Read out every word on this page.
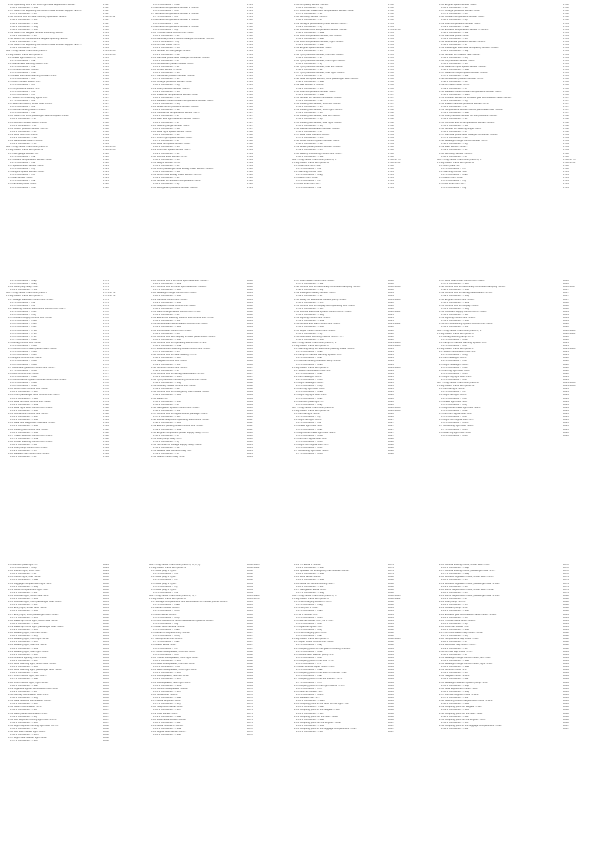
1.36 Operating unit 1 for front right seat adjustment -E434-	1711
1.36.1 Connector - T10e	1711
1.37 Switch for adjusting the driver's seat lumbar support -E176-	1711
1.37.1 Connector - T6u	1711
1.38 Control unit for seat memory operation -E464-	1711-1713
1.38.1 Connector - T10f	1711
1.38.2 Connector - T16b	1711
1.38.3 Connector - T10g	1712
1.38.4 Connector - T10h	1712
1.39 Switch for tailgate remote unlocking -E188-	1713
1.39.1 Connector - T3u	1713
1.40 Button for convenience tailgate opening -E233-	1714
1.40.1 Connector - T3v	1714
1.41 Switch for adjusting the driver's seat lumbar support -E177-	1714
1.41.1 Connector - T6v	1714
802 - Plug views: Parts with prefix F	1715-1720
1 Plug views: Parts with prefix F	1715-1720
1.1 Brake light switch -F, -F47-	1715
1.1.1 Connector - T4a	1715
1.2 Handbrake warning switch -F9-	1715
1.2.1 Connector - T1a	1715
1.3 Oil level sensor -G266-	1716
1.3.1 Connector - T3w	1716
1.4 Brake fluid level warning contact -F34-	1716
1.4.1 Connector - T2b	1716
1.5 Door contact switch -F2-	1716
1.5.1 Connector - T2c	1716
1.6 Oil pressure switch -F1-	1716
1.6.1 Connector - T1b	1716
1.6.2 Connector - T1c	1717
1.7 Switch for reversing lights -F4-	1717
1.7.1 Connector - T2d	1717
1.8 Seat belt switch, driver side -F145-	1717
1.8.1 Connector - T2e	1717
1.9 Central locking switch -F220-	1717
1.9.1 Connector - T4b	1717
1.10 Switch for front passenger seat occupied -F390-	1718
1.10.1 Connector - T2f	1718
1.11 Bonnet contact switch -F266-	1718
1.11.1 Connector - T3x	1718
1.12 Clutch position sender -G476-	1718
1.12.1 Connector - T4c	1718
1.13 Door lock unit -F221-	1719
1.13.1 Connector - T8a	1719
1.14 Handbrake switch -F234-	1719
1.14.1 Connector - T5c	1719
803 - Plug views: Parts with prefix G	1720-1760
1 Plug views: Parts with prefix G	1720-1760
1.1 Fuel gauge sender -G-	1720
1.1.1 Connector - T5a	1720
1.2 Coolant temperature sender -G62-	1720
1.2.1 Connector - T4d	1720
1.3 Speedometer sender -G22-	1721
1.3.1 Connector - T3y	1721
1.4 Engine speed sender -G28-	1721
1.4.1 Connector - T3z	1721
1.5 Hall sender -G40-	1721
1.5.1 Connector - T3a	1721
1.6 Lambda probe -G39-	1722
1.6.1 Connector - T6w	1722
1.6.1 Connector - T10e	1731
1.6 Exhaust temperature sender 1 -G235-	1731
1.6.1 Connector - T2m	1731
1.7 Exhaust temperature sender 2 -G448-	1731
1.7.1 Connector - T2n	1731
1.8 Exhaust temperature sender 3 -G495-	1732
1.8.1 Connector - T2o	1732
1.9 Exhaust temperature sender 4 -G648-	1732
1.9.1 Connector - T2p	1732
1.10 Throttle valve control unit -J338-	1732
1.10.1 Connector - T6x	1732
1.11 Lambda probe 1 before catalytic converter -GX10-	1733
1.11.1 Connector - T6y	1733
1.12 Air flow meter -G70-	1733
1.12.1 Connector - T5d	1733
1.13 Sender for fuel gauge -G169-	1733
1.13.1 Connector - T4e	1733
1.14 Lambda probe after catalytic converter -G130-	1734
1.14.1 Connector - T4f	1734
1.15 Accelerator pedal module -GX2-	1734
1.15.1 Connector - T6z	1734
1.16 Knock sensor 1 -G61-	1734
1.16.1 Connector - T3b	1734
1.17 Camshaft position sender -G163-	1735
1.17.1 Connector - T3c	1735
1.18 Charge pressure sender -G31-	1735
1.18.1 Connector - T4g	1735
1.19 Fuel pressure sender -G247-	1735
1.19.1 Connector - T3d	1735
1.20 Intake air temperature sender -G42-	1736
1.20.1 Connector - T4h	1736
1.21 Radiator outlet coolant temperature sender -G83-	1736
1.21.1 Connector - T2q	1736
1.22 Brake servo pressure sensor -G294-	1736
1.22.1 Connector - T3e	1736
1.23 Outside air temperature sensor -G17-	1737
1.23.1 Connector - T2r	1737
1.24 Rain and light detector sensor -G397-	1737
1.24.1 Connector - T3f	1737
1.25 Steering angle sender -G85-	1737
1.25.1 Connector - T6a	1737
1.26 Rear right speed sensor -G44-	1738
1.26.1 Connector - T2s	1738
1.27 Front right speed sensor -G45-	1738
1.27.1 Connector - T2t	1738
1.28 Rear left speed sensor -G46-	1738
1.28.1 Connector - T2u	1738
1.29 Front left speed sensor -G47-	1739
1.29.1 Connector - T2v	1739
1.30 Vehicle level sender -G76-	1739
1.30.1 Connector - T6b	1739
1.31 Height sender -G78-	1739
1.31.1 Connector - T6c	1739
1.32 Front passenger side airbag crash sensor -G180-	1740
1.32.1 Connector - T2w	1740
1.33 Driver side airbag crash sensor -G179-	1740
1.33.1 Connector - T2x	1740
1.34 Sender for ambient temperature -G14-	1740
1.34.1 Connector - T2y	1740
1.35 Refrigerant pressure sender -G805-	1741
1.36 Air quality sensor -G238-	1752
1.36.1 Connector - T3g	1752
1.37 Fresh air intake duct temperature sender -G89-	1752
1.37.1 Connector - T2z	1752
1.38 Humidity sender -G355-	1752
1.38.1 Connector - T4i	1752
1.39 Sunlight penetration photo sensor -G107-	1753
1.39.1 Connector - T4j	1753
1.40 Footwell vent temperature sender -G192-	1753-1754
1.40.1 Connector - T2aa	1753
1.41 Vent temperature sender, left -G385-	1754
1.41.1 Connector - T2ab	1754
1.42 Vent temperature sender, right -G386-	1754
1.42.1 Connector - T2ac	1754
1.43 Engine speed sender -G28-	1754
1.43.1 Connector - T3h	1754
1.44 Tyre pressure sender, front left -G222-	1755
1.44.1 Connector - T3i	1755
1.45 Tyre pressure sender, front right -G223-	1755
1.45.1 Connector - T3j	1755
1.46 Tyre pressure sender, rear left -G224-	1755
1.46.1 Connector - T3k	1755
1.47 Tyre pressure sender, rear right -G225-	1756
1.47.1 Connector - T3l	1756
1.48 Seat occupied sensor, front passenger side -G128-	1756
1.48.1 Connector - T2ad	1756
1.49 Hall sender 2 -G163-	1756
1.49.1 Connector - T3m	1756
1.50 Fuel temperature sender -G81-	1757
1.50.1 Connector - T2ae	1757
1.51 Sender for vehicle inclination -G384-	1757
1.51.1 Connector - T4k	1757
1.52 Parking aid sender, front left -G252-	1757
1.52.1 Connector - T3n	1757
1.53 Parking aid sender, front right -G255-	1758
1.53.1 Connector - T3o	1758
1.54 Parking aid sender, rear left -G203-	1758
1.54.1 Connector - T3p	1758
1.55 Parking aid sender, rear right -G206-	1758
1.55.1 Connector - T3q	1758
1.56 Lateral acceleration sender -G200-	1759
1.56.1 Connector - T4l	1759
1.57 Rear view camera -R189-	1759
1.57.1 Connector - T4m	1759
1.58 Level control system sender -G84-	1759
1.58.1 Connector - T5e	1759
1.59 Brake pedal position sender -G100-	1760
1.59.1 Connector - T4n	1760
1.60 Battery monitoring control unit -J367-	1760
1.60.1 Connector - T2af	1760
804 - Plug views: Parts with prefix H, J	1760-1775
1 Plug views: Parts with prefix H	1760-1761
1.1 Dual tone horn -H2-	1760
1.1.1 Connector - T1d	1760
1.2 Warning buzzer -H3-	1761
1.2.1 Connector - T2ag	1761
1.3 Alarm horn -H12-	1761
1.3.1 Connector - T3r	1761
1.4 Low tone horn -H7-	1761
1.4.1 Connector - T1e	1761
1.36 Engine speed sender -G28-	1752
1.36.1 Connector - T3s	1752
1.37 Charge pressure sender -G31-	1752
1.37.1 Connector - T4o	1752
1.38 Coolant temperature sender -G62-	1752
1.38.1 Connector - T4p	1752
1.39 Fuel temperature sender -G81-	1753
1.39.1 Connector - T2ah	1753
1.40 Exhaust temperature sender 1 -G235-	1753
1.40.1 Connector - T2ai	1753
1.41 Lambda probe -G39-	1753
1.41.1 Connector - T6d	1753
1.42 Differential pressure sender -G505-	1754
1.42.1 Connector - T3t	1754
1.43 Passenger side seat occupancy sensor -G128-	1754
1.43.1 Connector - T2aj	1754
1.44 Sender for rotation rate -G202-	1754
1.44.1 Connector - T4q	1754
1.45 Oil pressure sender -G10-	1755
1.45.1 Connector - T3u	1755
1.46 Gearbox input speed sender -G182-	1755
1.46.1 Connector - T2ak	1755
1.47 Gearbox output speed sender -G195-	1755
1.47.1 Connector - T2al	1755
1.48 Accelerator position sender -G79-	1756
1.48.1 Connector - T6e	1756
1.49 Air mass meter -G70-	1756
1.49.1 Connector - T5f	1756
1.50 Radiator outlet coolant temperature sender -G83-	1756
1.50.1 Connector - T2am	1756
1.51 Position sender for exhaust gas recirculation valve -G212-	1757
1.51.1 Connector - T5g	1757
1.52 Intake manifold pressure sender -G71-	1757
1.52.1 Connector - T4r	1757
1.53 Temperature sender before particulate filter -G506-	1757
1.53.1 Connector - T2an	1757
1.54 Fuel pressure sender for low pressure -G410-	1758
1.54.1 Connector - T3v	1758
1.55 Oil level and oil temperature sender -G266-	1758
1.55.1 Connector - T3w	1758
1.56 Sender for steering angle -G85-	1758
1.56.1 Connector - T6f	1758
1.57 Lambda probe after catalytic converter -G130-	1759
1.57.1 Connector - T4s	1759
1.58 Headlight range control sender -G76-	1759
1.58.1 Connector - T6g	1759
1.59 Rain sensor -G397-	1759
1.59.1 Connector - T3x	1759
1.60 Humidity sender -G355-	1760
1.60.1 Connector - T4t	1760
805 - Plug views: Parts with prefix H, J	1760-1775
1 Plug views: Parts with prefix H	1760-1761
1.1 Horn plate -H-	1760
1.1.1 Connector - T1f	1760
1.2 Warning buzzer -H3-	1761
1.2.1 Connector - T2ao	1761
1.3 Alarm horn -H12-	1761
1.3.1 Connector - T3y	1761
1.4 Low tone horn -H7-	1761
1.4.1 Connector - T1g	1761
1.1.1 Connector - T2ap	1771
1.1.2 Connector - T2aq	1771
1.14 Glow plug relay -J52-	1771
1.14.1 Connector - T10i	1771
805 - Plug views: Parts with prefix J	1771-1772
1 Plug views: Parts with prefix J	1771-1772
1.1 Voltage stabiliser control unit -J532-	1771
1.1.1 Connector - T4u	1771
1.1.2 Connector - T4v	1771
1.2 Steering column electronics control unit -J527-	1772
1.2.1 Connector - T16c	1772
1.2.2 Connector - T10j	1772
1.3 Onboard supply control unit -J519-	1772
1.3.1 Connector - T52a	1773
1.3.2 Connector - T52b	1773
1.3.3 Connector - T52c	1773
1.3.4 Connector - T73a	1773
1.3.5 Connector - T73b	1774
1.3.6 Connector - T73c	1774
1.3.7 Connector - T40a	1774
1.4 Airbag control unit -J234-	1774
1.4.1 Connector - T50a	1775
1.5 Control unit in dash panel insert -J285-	1775
1.5.1 Connector - T32a	1775
1.5.2 Connector - T32b	1775
1.6 Engine control unit -J623-	1776
1.6.1 Connector - T60a	1776
1.6.2 Connector - T94a	1776
1.7 Automatic gearbox control unit -J217-	1777
1.7.1 Connector - T25a	1777
1.8 ABS control unit -J104-	1777
1.8.1 Connector - T38a	1777
1.9 Convenience system central control unit -J393-	1778
1.9.1 Connector - T18a	1778
1.9.2 Connector - T23a	1778
1.10 Driver door control unit -J386-	1778
1.10.1 Connector - T32c	1779
1.11 Front passenger door control unit -J387-	1779
1.11.1 Connector - T32d	1779
1.12 Rear left door control unit -J388-	1779
1.12.1 Connector - T20a	1780
1.13 Rear right door control unit -J389-	1780
1.13.1 Connector - T20b	1780
1.14 Climatronic control unit -J255-	1780
1.14.1 Connector - T20c	1781
1.14.2 Connector - T16d	1781
1.15 Data bus diagnostic interface -J533-	1781
1.15.1 Connector - T20d	1781
1.16 Parking aid control unit -J446-	1782
1.16.1 Connector - T16e	1782
1.17 Trailer detector control unit -J345-	1782
1.17.1 Connector - T15a	1782
1.18 Power steering control unit -J500-	1783
1.18.1 Connector - T4w	1783
1.19 Fuel pump control unit -J538-	1783
1.19.1 Connector - T5h	1783
1.20 Radiator fan control unit -J293-	1784
1.20.1 Connector - T4x	1784
1.26 Control unit 2 for blind spot detection -J1087-	1800
1.26.1 Connector - T12a	1800
1.27 Control unit for blind spot detection -J1086-	1800
1.27.1 Connector - T12b	1800
1.28 Headlight range control unit -J431-	1801
1.28.1 Connector - T10k	1801
1.29 Camera control unit -J852-	1801
1.29.1 Connector - T20e	1801
1.30 Adaptive cruise control unit -J428-	1802
1.30.1 Connector - T8b	1802
1.31 Lane change assist control unit -J769-	1802
1.31.1 Connector - T8c	1802
1.32 Electronic steering column lock control unit -J764-	1803
1.32.1 Connector - T10l	1803
1.33 Access/start authorisation control unit -J518-	1803
1.33.1 Connector - T32e	1803
1.34 Immobiliser control unit -J362-	1804
1.34.1 Connector - T8d	1804
1.35 Control unit with display in dash panel insert -J285-	1804
1.35.1 Connector - T18b	1804
1.36 Control unit for operating electronics -J794-	1805
1.36.1 Connector - T54a	1805
1.37 Multifunction steering wheel control unit -J453-	1805
1.37.1 Connector - T6h	1805
1.38 Control unit for seat heating -J774-	1806
1.38.1 Connector - T12c	1806
1.39 Tailgate control unit -J605-	1806
1.39.1 Connector - T16f	1806
1.40 Sunroof control unit -J245-	1807
1.40.1 Connector - T6i	1807
1.41 Control unit for airbag deactivation -J706-	1807
1.41.1 Connector - T10m	1807
1.42 Tyre pressure monitoring control unit -J502-	1808
1.42.1 Connector - T16g	1808
1.43 Auxiliary heater control unit -J364-	1808
1.43.1 Connector - T8e	1808
1.44 Control unit for emergency call module -J949-	1809
1.44.1 Connector - T12d	1809
1.45 Radio -R-	1809
1.45.1 Connector - T16h	1809
1.45.2 Connector - T8f	1809
1.46 Navigation system control unit -J401-	1810
1.46.1 Connector - T16i	1810
1.47 Control unit for digital sound package -J525-	1810
1.47.1 Connector - T32f	1810
1.48 Mobile telephone operating electronics -J412-	1811
1.48.1 Connector - T12e	1811
1.49 Electric parking brake control unit -J540-	1811
1.49.1 Connector - T30a	1811
1.50 Engine component power supply relay -J757-	1812
1.50.1 Connector - T5i	1812
1.51 Fuel pump relay -J17-	1812
1.51.1 Connector - T5j	1812
1.52 Terminal 15 voltage supply relay -J329-	1813
1.52.1 Connector - T5k	1813
1.53 Heated rear window relay -J9-	1813
1.53.1 Connector - T5l	1813
1.54 Starter motor relay -J53-	1814
1.47 Fuel heater control unit -J862-	1818
1.47.1 Connector - T2ar	1818
1.48 Control unit for electrically controlled damping -J250-	1818-1819
1.48.1 Connector - T16j	1818
1.49 Intelligent battery sensor -J367-	1819
1.49.1 Connector - T3z	1819
1.50 Relay for additional coolant pump -J496-	1819-1820
1.50.1 Connector - T5m	1820
1.51 Control unit for display and operating unit -J685-	1820
1.51.1 Connector - T12f	1820
1.52 Vehicle electrical system control unit 2 -J520-	1820-1821
1.52.1 Connector - T32g	1821
1.53 Lighting control unit -J585-	1821
1.53.1 Connector - T26a	1821
1.54 Access and start control unit -J965-	1821-1822
1.54.1 Connector - T40b	1822
1.55 Wiper motor control unit -J400-	1822
1.55.1 Connector - T4y	1822
1.56 Automatic dimming interior mirror -Y7-	1822
1.56.1 Connector - T10n	1822
806 - Plug views: Parts with prefix K, L	1823-1826
1 Plug views: Parts with prefix K	1823-1824
1.1 Warning lamp for electronic parking brake -K214-	1823
1.1.1 Connector - T2as	1823
1.2 Lamp for hazard warning system -K6-	1823
1.2.1 Connector - T2at	1823
1.3 Central locking indicator lamp -K133-	1824
1.3.1 Connector - T2au	1824
2 Plug views: Parts with prefix L	1824-1826
2.1 Switch illumination bulb -L9-	1824
2.1.1 Connector - T2av	1824
2.2 Left headlight -MX1-	1825
2.2.1 Connector - T10o	1825
2.3 Right headlight -MX2-	1825
2.3.1 Connector - T10p	1825
2.4 Left fog light bulb -L22-	1825
2.4.1 Connector - T2aw	1825
2.5 Right fog light bulb -L23-	1826
2.5.1 Connector - T2ax	1826
2.6 Number plate light -X-	1826
2.6.1 Connector - T2ay	1826
807 - Plug views: Parts with prefix M	1826-1850
1 Plug views: Parts with prefix M	1826-1850
1.1 Left tail light -MX3-	1826
1.1.1 Connector - T6j	1826
1.2 Right tail light -MX4-	1827
1.2.1 Connector - T6k	1827
1.3 Brake light bulb -M9-	1827
1.3.1 Connector - T2az	1827
1.4 High-level brake light bulb -M25-	1827
1.4.1 Connector - T2ba	1827
1.5 Left turn signal bulb -M5-	1828
1.5.1 Connector - T2bb	1828
1.6 Right turn signal bulb -M7-	1828
1.6.1 Connector - T2bc	1828
1.7 Reversing light bulb -M16-	1828
1.7.1 Connector - T2bd	1828
1.47 Door side driver control unit -J386-	1816
1.47.1 Connector - T32h	1816
1.48 Control unit for electrically controlled damping -J250-	1816-1817
1.48.1 Connector - T16k	1817
1.49 Control unit for airbag deactivation -J706-	1817
1.49.1 Connector - T10q	1817
1.50 Engine control unit -J623-	1817
1.50.1 Connector - T91a	1818
1.51 Control unit for display -J685-	1818
1.51.1 Connector - T12g	1818
1.52 Onboard supply control unit 2 -J520-	1819
1.52.1 Connector - T32i	1819
1.53 Lighting control unit -J585-	1819
1.53.1 Connector - T26b	1819
1.54 Air conditioning system control unit -J301-	1820
1.54.1 Connector - T16l	1820
806 - Plug views: Parts with prefix K, L	1820-1823
1 Plug views: Parts with prefix K	1820-1821
1.1 Airbag warning lamp -K75-	1820
1.1.1 Connector - T2be	1820
1.2 Lamp for hazard warning system -K6-	1821
1.2.1 Connector - T2bf	1821
2 Plug views: Parts with prefix L	1821-1823
2.1 Switch illumination bulb -L9-	1821
2.1.1 Connector - T2bg	1821
2.2 Left headlight -MX1-	1822
2.2.1 Connector - T10r	1822
2.3 Right headlight -MX2-	1822
2.3.1 Connector - T10s	1822
2.4 Left fog light bulb -L22-	1822
2.4.1 Connector - T2bh	1822
2.5 Right fog light bulb -L23-	1823
2.5.1 Connector - T2bi	1823
807 - Plug views: Parts with prefix M	1823-1850
1 Plug views: Parts with prefix M	1823-1850
1.1 Left tail light -MX3-	1823
1.1.1 Connector - T6l	1823
1.2 Right tail light -MX4-	1824
1.2.1 Connector - T6m	1824
1.3 Brake light bulb -M9-	1824
1.3.1 Connector - T2bj	1824
1.4 High-level brake light bulb -M25-	1824
1.4.1 Connector - T2bk	1824
1.5 Left turn signal bulb -M5-	1825
1.5.1 Connector - T2bl	1825
1.6 Right turn signal bulb -M7-	1825
1.6.1 Connector - T2bm	1825
1.7 Reversing light bulb -M16-	1825
1.7.1 Connector - T2bn	1825
1.8 Rear fog light bulb -L46-	1826
1.8.1 Connector - T2bo	1826
1.9 Number plate light -X-	1849
1.9.1 Connector - T2bp	1849
1.10 Interior light, front -W1-	1849
1.10.1 Connector - T4z	1849
1.11 Interior light, rear -W43-	1850
1.11.1 Connector - T3aa	1850
1.12 Luggage compartment light -W3-	1850
1.12.1 Connector - T2bq	1850
1.13 Glove compartment light -W6-	1850
1.13.1 Connector - T2br	1850
1.14 Footwell light, driver side -W9-	1851
1.14.1 Connector - T2bs	1851
1.15 Footwell light, front passenger side -W10-	1851
1.15.1 Connector - T2bt	1851
1.16 Entry light, driver door -W31-	1851
1.16.1 Connector - T2bu	1851
1.17 Entry light, front passenger door -W32-	1852
1.17.1 Connector - T2bv	1852
1.18 Make-up mirror light, driver side -W14-	1852
1.18.1 Connector - T2bw	1852
1.19 Make-up mirror light, passenger side -W20-	1852
1.19.1 Connector - T2bx	1852
1.20 Reading light, front left -W11-	1853
1.20.1 Connector - T2by	1853
1.21 Reading light, front right -W12-	1853
1.21.1 Connector - T2bz	1853
1.22 Reading light, rear left -W13-	1853
1.22.1 Connector - T2ca	1853
1.23 Reading light, rear right -W19-	1854
1.23.1 Connector - T2cb	1854
1.24 Ambient lighting, front -L184-	1854
1.24.1 Connector - T2cc	1854
1.25 Door warning light, driver door -W30-	1854
1.25.1 Connector - T2cd	1854
1.26 Door warning light, passenger door -W36-	1855
1.26.1 Connector - T2ce	1855
1.27 Front interior light, left -W47-	1855
1.27.1 Connector - T3ab	1855
1.28 Front interior light, right -W48-	1855
1.28.1 Connector - T3ac	1855
1.29 Cigarette lighter illumination bulb -L28-	1856
1.29.1 Connector - T2cf	1856
1.30 Ashtray illumination bulb -L15-	1856
1.30.1 Connector - T2cg	1856
1.31 Gear selector illumination -L101-	1856
1.31.1 Connector - T2ch	1856
1.32 Switch illumination -L76-	1857
1.32.1 Connector - T2ci	1857
1.33 Dash panel illumination -L10-	1857
1.33.1 Connector - T2cj	1857
1.34 Left daytime running light bulb -L174-	1857
1.34.1 Connector - T2ck	1857
1.35 Right daytime running light bulb -L175-	1858
1.35.1 Connector - T2cl	1858
1.36 Left side marker light -M45-	1858
1.36.1 Connector - T2cm	1858
1.37 Right side marker light -M46-	1858
1.37.1 Connector - T2cn	1858
808 - Plug views: Parts with prefix N, O, P, Q	1858-1865
1 Plug views: Parts with prefix N	1858-1862
1.1 Glow plug 1 -Q10-	1858
1.1.1 Connector - T1h	1858
1.2 Glow plug 2 -Q11-	1858
1.2.1 Connector - T1i	1858
1.3 Glow plug 3 -Q12-	1859
1.3.1 Connector - T1j	1859
1.4 Glow plug 4 -Q13-	1859
1.4.1 Connector - T1k	1859
809 - Plug views: Parts with prefix R, S, T	1865-1880
1 Plug views: Parts with prefix R	1865-1870
1.1 Storage compartment unit illumination for mobile phone -R265-	1865
1.1.1 Connector - T4aa	1865
1.2 Aerial module -R212-	1865
1.2.1 Connector - T2co	1865
1.3 Roof aerial -R216-	1866
1.3.1 Connector - T2cp	1866
1.4 Front camera for driver assistance systems -R242-	1866
1.4.1 Connector - T8g	1866
1.5 Rear view camera -R189-	1866
1.5.1 Connector - T4ab	1866
1.6 Aerial for keyless entry -R134-	1867
1.6.1 Connector - T2cq	1867
1.7 Microphone unit -R164-	1867
1.7.1 Connector - T4ac	1867
1.8 Radio aerial -R11-	1867
1.8.1 Connector - T1l	1867
1.9 Treble loudspeaker, front left -R20-	1868
1.9.1 Connector - T2cr	1868
1.10 Treble loudspeaker, front right -R22-	1868
1.10.1 Connector - T2cs	1868
1.11 Bass loudspeaker, front left -R21-	1868
1.11.1 Connector - T2ct	1868
1.12 Bass loudspeaker, front right -R23-	1869
1.12.1 Connector - T2cu	1869
1.13 Loudspeaker, rear left -R14-	1869
1.13.1 Connector - T2cv	1869
1.14 Loudspeaker, rear right -R15-	1869
1.14.1 Connector - T2cw	1869
1.15 Centre loudspeaker -R208-	1870
1.15.1 Connector - T2cx	1870
1.16 Subwoofer -R211-	1870
1.16.1 Connector - T4ad	1870
1.17 Aerial amplifier -R24-	1870
1.17.1 Connector - T2cy	1870
1.18 Telephone aerial -R66-	1871
1.18.1 Connector - T2cz	1871
1.19 USB socket -U41-	1871
1.19.1 Connector - T4ae	1871
1.20 Multimedia socket -R199-	1871
1.20.1 Connector - T4af	1871
1.21 Aerial module 2 -R213-	1872
1.21.1 Connector - T2da	1872
1.22 Digital radio aerial -R237-	1872
1.22.1 Connector - T2db	1872
1.23 TV aerial 1 -R142-	1879
1.23.1 Connector - T2dc	1879
1.24 Speaker for emergency call module -R254-	1879
1.24.1 Connector - T2dd	1879
1.25 Roof aerial -R216-	1880
1.25.1 Connector - T2de	1880
1.26 Aerial for central locking -R47-	1880
1.26.1 Connector - T2df	1880
1.27 Navigation aerial -R50-	1880
1.27.1 Connector - T2dg	1880
810 - Plug views: Parts with prefix U, V	1880-1895
1 Plug views: Parts with prefix U	1880-1882
1.1 USB charging socket 1 -U37-	1880
1.1.1 Connector - T4ag	1880
1.2 USB port 1 -U41-	1881
1.2.1 Connector - T4ah	1881
1.3 12 V socket -U5-	1881
1.3.1 Connector - T2dh	1881
1.4 Interval socket -U5-, 12 V -U1-	1881
1.4.1 Connector - T2di	1881
1.5 Cigarette lighter -U1-	1882
1.5.1 Connector - T2dj	1882
1.6 USB charging port -U51-	1882
1.6.1 Connector - T4ai	1882
2 Plug views: Parts with prefix V	1882-1895
2.1 Wiper motor control unit -J400-	1882
2.1.1 Connector - T4aj	1882
2.2 Coupling point for the gate of cooling -F2636-	1883
2.2.1 Connector - T2dk	1883
2.3 Windscreen washer pump -V5-	1883
2.3.1 Connector - T2dl	1883
2.4 Coupling point in the roof -T7n-	1883
2.4.1 Connector - T7n	1883
2.5 Rear window wiper motor -V12-	1884
2.5.1 Connector - T4ak	1884
2.6 Coupling point in the door on the left -T4k-	1884
2.6.1 Connector - T4al	1884
2.7 Coupling point in the left interior -T17l-	1884
2.7.1 Connector - T17l	1884
2.8 Coupling point on the right interior -T17r-	1885
2.8.1 Connector - T17r	1885
2.9 Fresh air blower -V2-	1885
2.9.1 Connector - T2dm	1885
2.10 Radiator fan -V7-	1885
2.10.1 Connector - T4am	1885
2.11 Coupling point in the door on the right -T4r-	1886
2.11.1 Connector - T4an	1886
2.12 Coupling point in the tailgate -T12t-	1886
2.12.1 Connector - T12t	1886
2.13 Coupling point for the rear -T4ao-	1886
2.13.1 Connector - T4ao	1886
2.14 Coupling point on the engine -T10e-	1887
2.14.1 Connector - T10e	1887
2.15 Coupling point in the luggage compartment -T8lc-	1887
2.15.1 Connector - T8lc	1887
2.16 Central locking motor, driver side -V56-	1878
2.16.1 Connector - T4ap	1878
2.17 Central locking motor, passenger side -V57-	1878
2.17.1 Connector - T4aq	1878
2.18 Window regulator motor, driver side -V147-	1879
2.18.1 Connector - T6n	1879
2.19 Window regulator motor, passenger side -V148-	1879
2.19.1 Connector - T6o	1879
2.20 Mirror adjustment motor, driver side -V149-	1879
2.20.1 Connector - T8h	1879
2.21 Mirror adjustment motor, passenger side -V150-	1880
2.21.1 Connector - T8i	1880
2.22 Fuel pump -V276-	1880
2.22.1 Connector - T5n	1880
2.23 Coolant pump -V51-	1880
2.23.1 Connector - T2dn	1880
2.24 Exhaust gas recirculation valve motor -V338-	1881
2.24.1 Connector - T5o	1881
2.25 Throttle valve drive -G186-	1881
2.25.1 Connector - T6p	1881
2.26 Fresh air blower -V2-	1881
2.26.1 Connector - T2do	1881
2.27 Air recirculation flap motor -V113-	1882
2.27.1 Connector - T6q	1882
2.28 Temperature flap motor -V68-	1882
2.28.1 Connector - T6r	1882
2.29 Defroster flap motor -V107-	1882
2.29.1 Connector - T6s	1882
2.30 Air flow flap motor -V71-	1883
2.30.1 Connector - T6t	1883
2.31 Headlight range control motor, left -V48-	1883
2.31.1 Connector - T3ad	1883
2.32 Headlight range control motor, right -V49-	1883
2.32.1 Connector - T3ae	1883
2.33 Sunroof motor -V1-	1884
2.33.1 Connector - T6u	1884
2.34 Tailgate motor -V444-	1884
2.34.1 Connector - T4ar	1884
2.35 Headlight washer system pump -V11-	1884
2.35.1 Connector - T2dp	1884
2.36 Seat adjustment motor -V28-	1885
2.36.1 Connector - T2dq	1885
2.37 Lumbar support motor -V129-	1885
2.37.1 Connector - T2dr	1885
2.38 Steering column adjustment motor -V123-	1885
2.38.1 Connector - T4as	1885
2.39 Coupling point for tailgate -T12t-	1886
2.39.1 Connector - T12u	1886
2.40 Coupling point for the rear -T4at-	1886
2.40.1 Connector - T4at	1886
2.41 Coupling point on the engine -T10f-	1886
2.41.1 Connector - T10f	1886
2.42 Coupling point in the luggage compartment -T8ld-	1887
2.42.1 Connector - T8ld	1887
